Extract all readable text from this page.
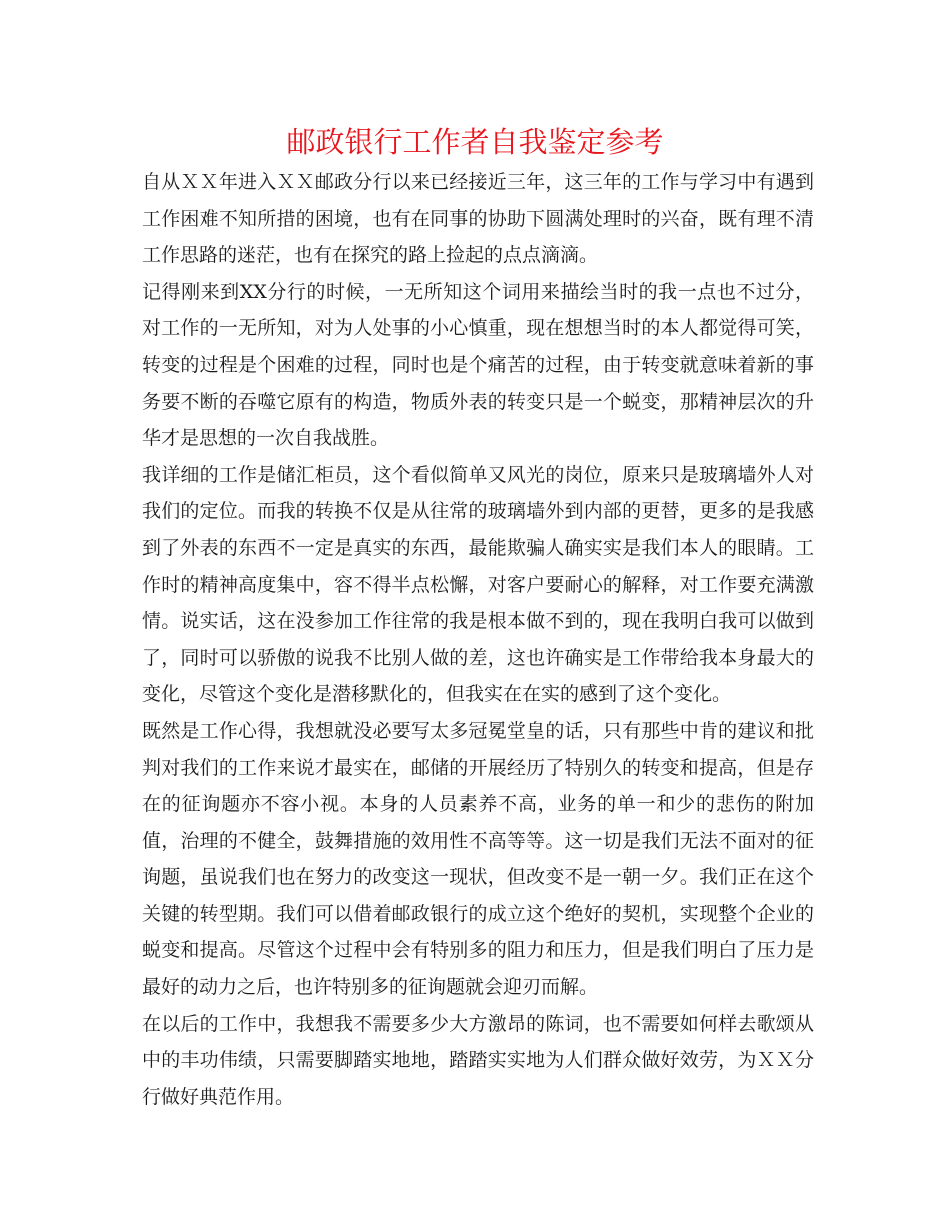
邮政银行工作者自我鉴定参考

自从ＸＸ年进入ＸＸ邮政分行以来已经接近三年，这三年的工作与学习中有遇到工作困难不知所措的困境，也有在同事的协助下圆满处理时的兴奋，既有理不清工作思路的迷茫，也有在探究的路上捡起的点点滴滴。

记得刚来到XX分行的时候，一无所知这个词用来描绘当时的我一点也不过分，对工作的一无所知，对为人处事的小心慎重，现在想想当时的本人都觉得可笑，转变的过程是个困难的过程，同时也是个痛苦的过程，由于转变就意味着新的事务要不断的吞噬它原有的构造，物质外表的转变只是一个蜕变，那精神层次的升华才是思想的一次自我战胜。

我详细的工作是储汇柜员，这个看似简单又风光的岗位，原来只是玻璃墙外人对我们的定位。而我的转换不仅是从往常的玻璃墙外到内部的更替，更多的是我感到了外表的东西不一定是真实的东西，最能欺骗人确实实是我们本人的眼睛。工作时的精神高度集中，容不得半点松懈，对客户要耐心的解释，对工作要充满激情。说实话，这在没参加工作往常的我是根本做不到的，现在我明白我可以做到了，同时可以骄傲的说我不比别人做的差，这也许确实是工作带给我本身最大的变化，尽管这个变化是潜移默化的，但我实在在实的感到了这个变化。

既然是工作心得，我想就没必要写太多冠冕堂皇的话，只有那些中肯的建议和批判对我们的工作来说才最实在，邮储的开展经历了特别久的转变和提高，但是存在的征询题亦不容小视。本身的人员素养不高，业务的单一和少的悲伤的附加值，治理的不健全，鼓舞措施的效用性不高等等。这一切是我们无法不面对的征询题，虽说我们也在努力的改变这一现状，但改变不是一朝一夕。我们正在这个关键的转型期。我们可以借着邮政银行的成立这个绝好的契机，实现整个企业的蜕变和提高。尽管这个过程中会有特别多的阻力和压力，但是我们明白了压力是最好的动力之后，也许特别多的征询题就会迎刃而解。

在以后的工作中，我想我不需要多少大方激昂的陈词，也不需要如何样去歌颂从中的丰功伟绩，只需要脚踏实地地，踏踏实实地为人们群众做好效劳，为ＸＸ分行做好典范作用。
